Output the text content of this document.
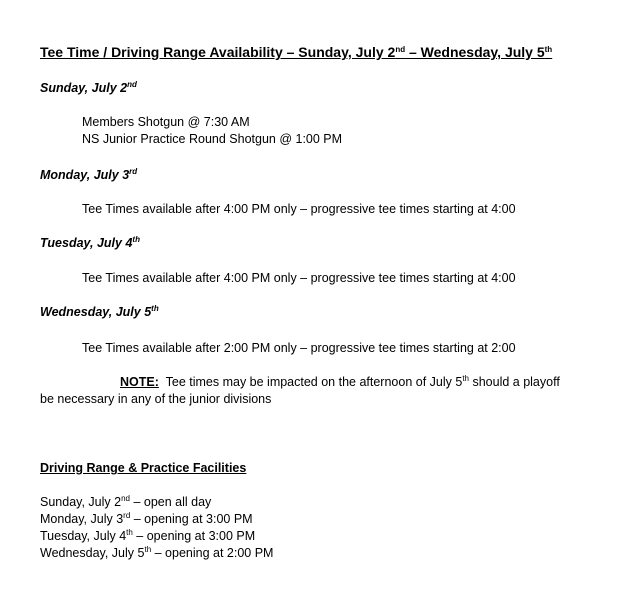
Tee Time / Driving Range Availability – Sunday, July 2nd – Wednesday, July 5th
Sunday, July 2nd
Members Shotgun @ 7:30 AM
NS Junior Practice Round Shotgun @ 1:00 PM
Monday, July 3rd
Tee Times available after 4:00 PM only – progressive tee times starting at 4:00
Tuesday, July 4th
Tee Times available after 4:00 PM only – progressive tee times starting at 4:00
Wednesday, July 5th
Tee Times available after 2:00 PM only – progressive tee times starting at 2:00
NOTE:  Tee times may be impacted on the afternoon of July 5th should a playoff
be necessary in any of the junior divisions
Driving Range & Practice Facilities
Sunday, July 2nd – open all day
Monday, July 3rd – opening at 3:00 PM
Tuesday, July 4th – opening at 3:00 PM
Wednesday, July 5th – opening at 2:00 PM
